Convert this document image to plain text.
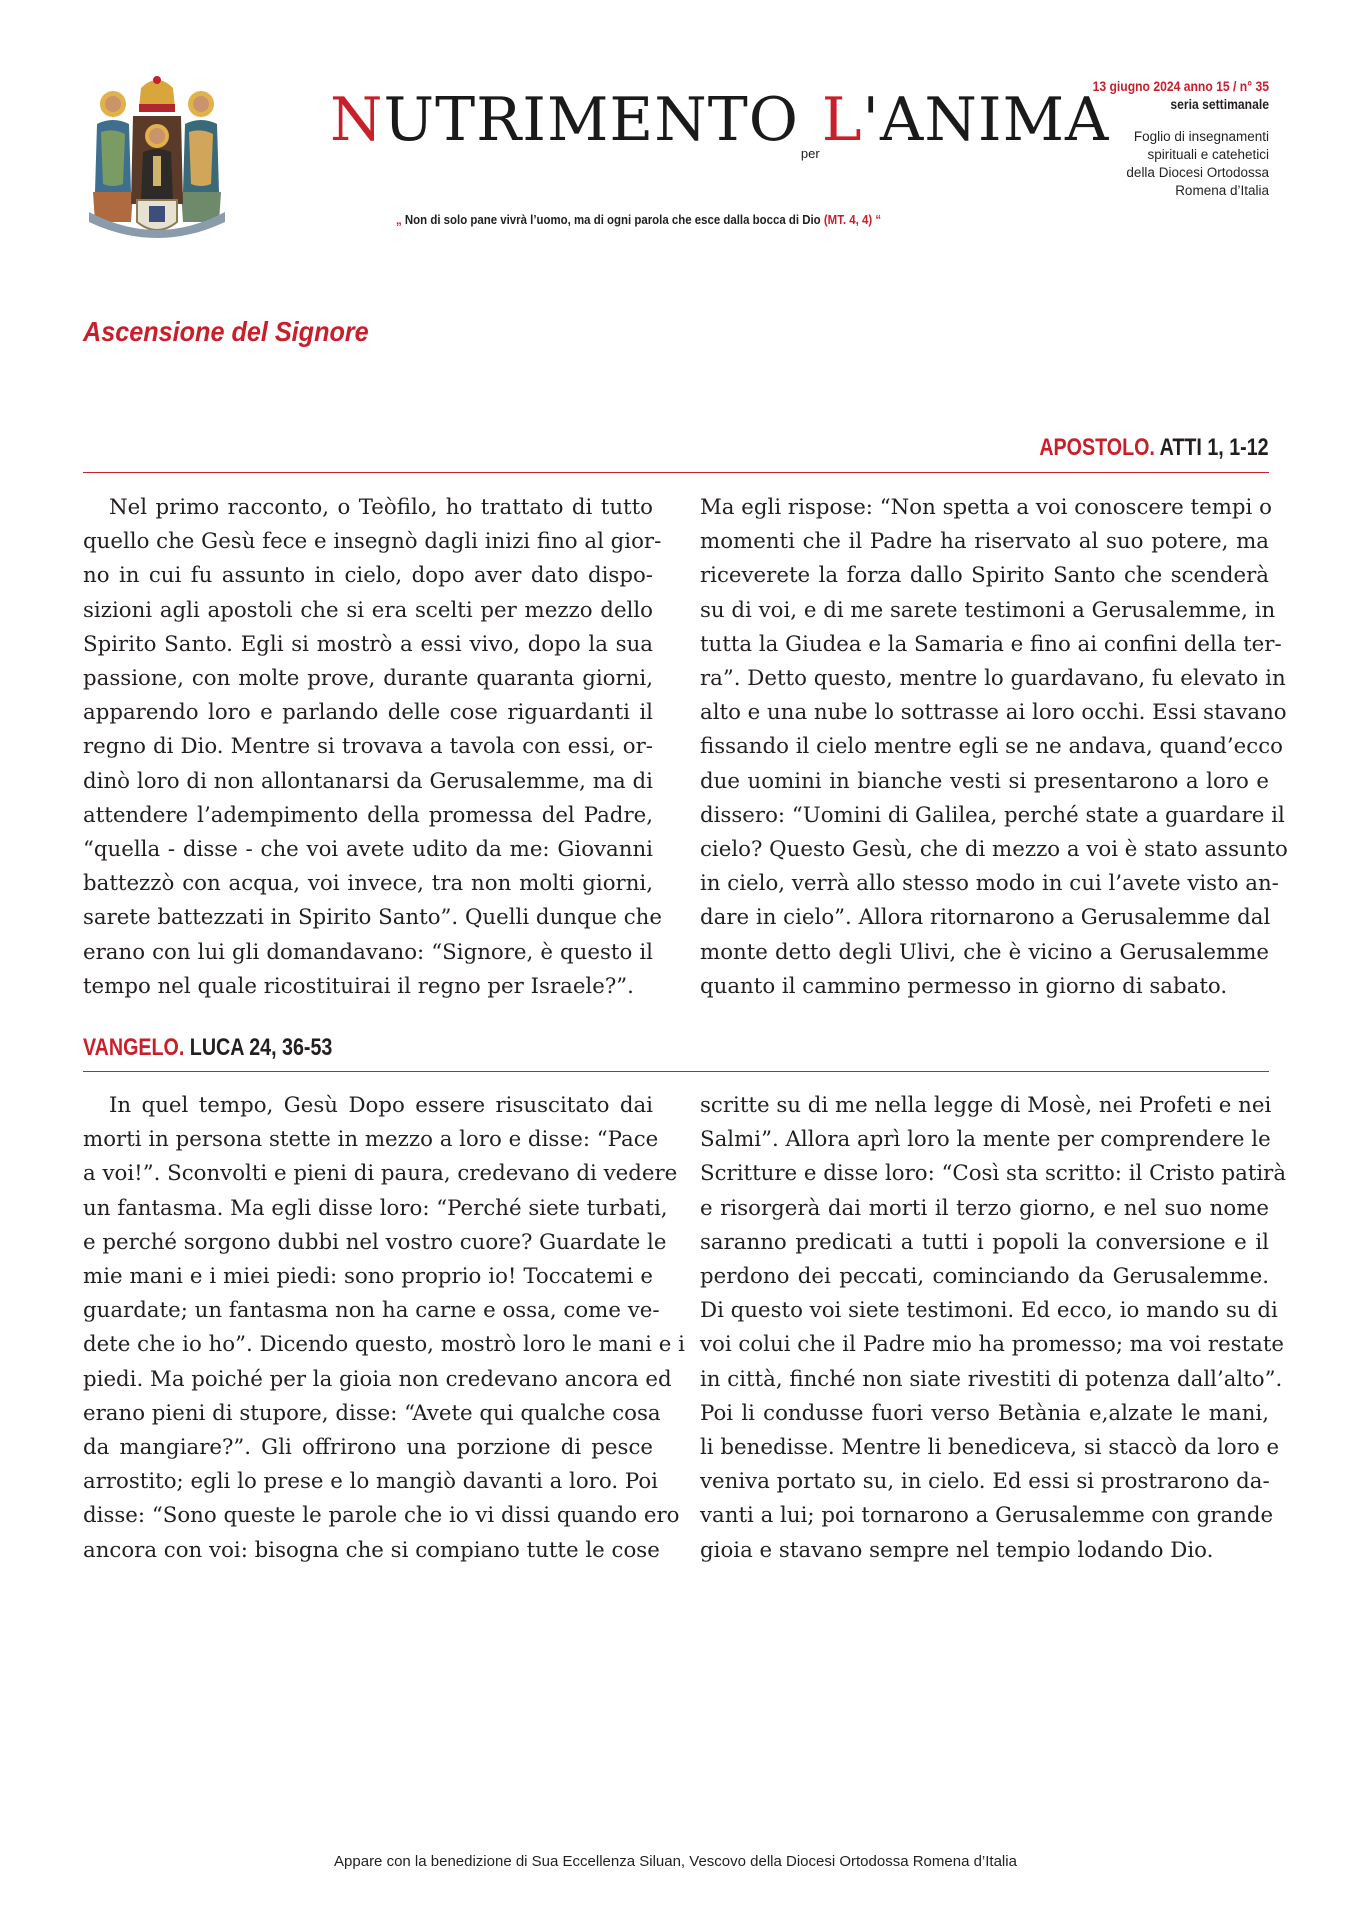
NUTRIMENTO $_{per}$L'ANIMA
„ Non di solo pane vivrà l’uomo, ma di ogni parola che esce dalla bocca di Dio (MT. 4, 4) “
13 giugno 2024 anno 15 / n° 35
seria settimanale
Foglio di insegnamenti
spirituali e catehetici
della Diocesi Ortodossa
Romena d’Italia
Ascensione del Signore
APOSTOLO. ATTI 1, 1-12
Nel primo racconto, o Teòfilo, ho trattato di tutto
quello che Gesù fece e insegnò dagli inizi fino al gior-
no in cui fu assunto in cielo, dopo aver dato dispo-
sizioni agli apostoli che si era scelti per mezzo dello
Spirito Santo. Egli si mostrò a essi vivo, dopo la sua
passione, con molte prove, durante quaranta giorni,
apparendo loro e parlando delle cose riguardanti il
regno di Dio. Mentre si trovava a tavola con essi, or-
dinò loro di non allontanarsi da Gerusalemme, ma di
attendere l’adempimento della promessa del Padre,
“quella - disse - che voi avete udito da me: Giovanni
battezzò con acqua, voi invece, tra non molti giorni,
sarete battezzati in Spirito Santo”. Quelli dunque che
erano con lui gli domandavano: “Signore, è questo il
tempo nel quale ricostituirai il regno per Israele?”.
Ma egli rispose: “Non spetta a voi conoscere tempi o
momenti che il Padre ha riservato al suo potere, ma
riceverete la forza dallo Spirito Santo che scenderà
su di voi, e di me sarete testimoni a Gerusalemme, in
tutta la Giudea e la Samaria e fino ai confini della ter-
ra”. Detto questo, mentre lo guardavano, fu elevato in
alto e una nube lo sottrasse ai loro occhi. Essi stavano
fissando il cielo mentre egli se ne andava, quand’ecco
due uomini in bianche vesti si presentarono a loro e
dissero: “Uomini di Galilea, perché state a guardare il
cielo? Questo Gesù, che di mezzo a voi è stato assunto
in cielo, verrà allo stesso modo in cui l’avete visto an-
dare in cielo”. Allora ritornarono a Gerusalemme dal
monte detto degli Ulivi, che è vicino a Gerusalemme
quanto il cammino permesso in giorno di sabato.
VANGELO. LUCA 24, 36-53
In quel tempo, Gesù Dopo essere risuscitato dai
morti in persona stette in mezzo a loro e disse: “Pace
a voi!”. Sconvolti e pieni di paura, credevano di vedere
un fantasma. Ma egli disse loro: “Perché siete turbati,
e perché sorgono dubbi nel vostro cuore? Guardate le
mie mani e i miei piedi: sono proprio io! Toccatemi e
guardate; un fantasma non ha carne e ossa, come ve-
dete che io ho”. Dicendo questo, mostrò loro le mani e i
piedi. Ma poiché per la gioia non credevano ancora ed
erano pieni di stupore, disse: “Avete qui qualche cosa
da mangiare?”. Gli offrirono una porzione di pesce
arrostito; egli lo prese e lo mangiò davanti a loro. Poi
disse: “Sono queste le parole che io vi dissi quando ero
ancora con voi: bisogna che si compiano tutte le cose
scritte su di me nella legge di Mosè, nei Profeti e nei
Salmi”. Allora aprì loro la mente per comprendere le
Scritture e disse loro: “Così sta scritto: il Cristo patirà
e risorgerà dai morti il terzo giorno, e nel suo nome
saranno predicati a tutti i popoli la conversione e il
perdono dei peccati, cominciando da Gerusalemme.
Di questo voi siete testimoni. Ed ecco, io mando su di
voi colui che il Padre mio ha promesso; ma voi restate
in città, finché non siate rivestiti di potenza dall’alto”.
Poi li condusse fuori verso Betània e,alzate le mani,
li benedisse. Mentre li benediceva, si staccò da loro e
veniva portato su, in cielo. Ed essi si prostrarono da-
vanti a lui; poi tornarono a Gerusalemme con grande
gioia e stavano sempre nel tempio lodando Dio.
Appare con la benedizione di Sua Eccellenza Siluan, Vescovo della Diocesi Ortodossa Romena d’Italia
